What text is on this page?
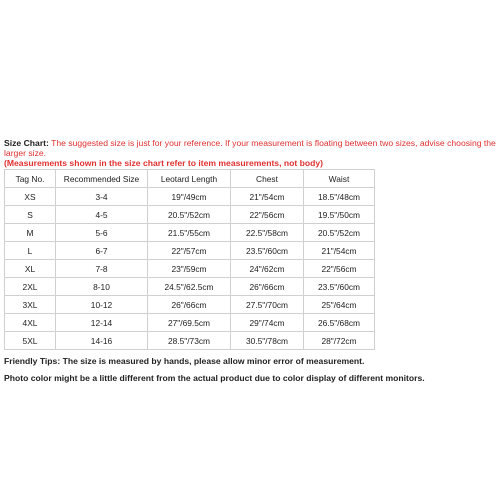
Size Chart: The suggested size is just for your reference. If your measurement is floating between two sizes, advise choosing the larger size.

(Measurements shown in the size chart refer to item measurements, not body)

Tag No.	Recommended Size	Leotard Length	Chest	Waist
XS	3-4	19"/49cm	21"/54cm	18.5"/48cm
S	4-5	20.5"/52cm	22"/56cm	19.5"/50cm
M	5-6	21.5"/55cm	22.5"/58cm	20.5"/52cm
L	6-7	22"/57cm	23.5"/60cm	21"/54cm
XL	7-8	23"/59cm	24"/62cm	22"/56cm
2XL	8-10	24.5"/62.5cm	26"/66cm	23.5"/60cm
3XL	10-12	26"/66cm	27.5"/70cm	25"/64cm
4XL	12-14	27"/69.5cm	29"/74cm	26.5"/68cm
5XL	14-16	28.5"/73cm	30.5"/78cm	28"/72cm

Friendly Tips: The size is measured by hands, please allow minor error of measurement.

Photo color might be a little different from the actual product due to color display of different monitors.
